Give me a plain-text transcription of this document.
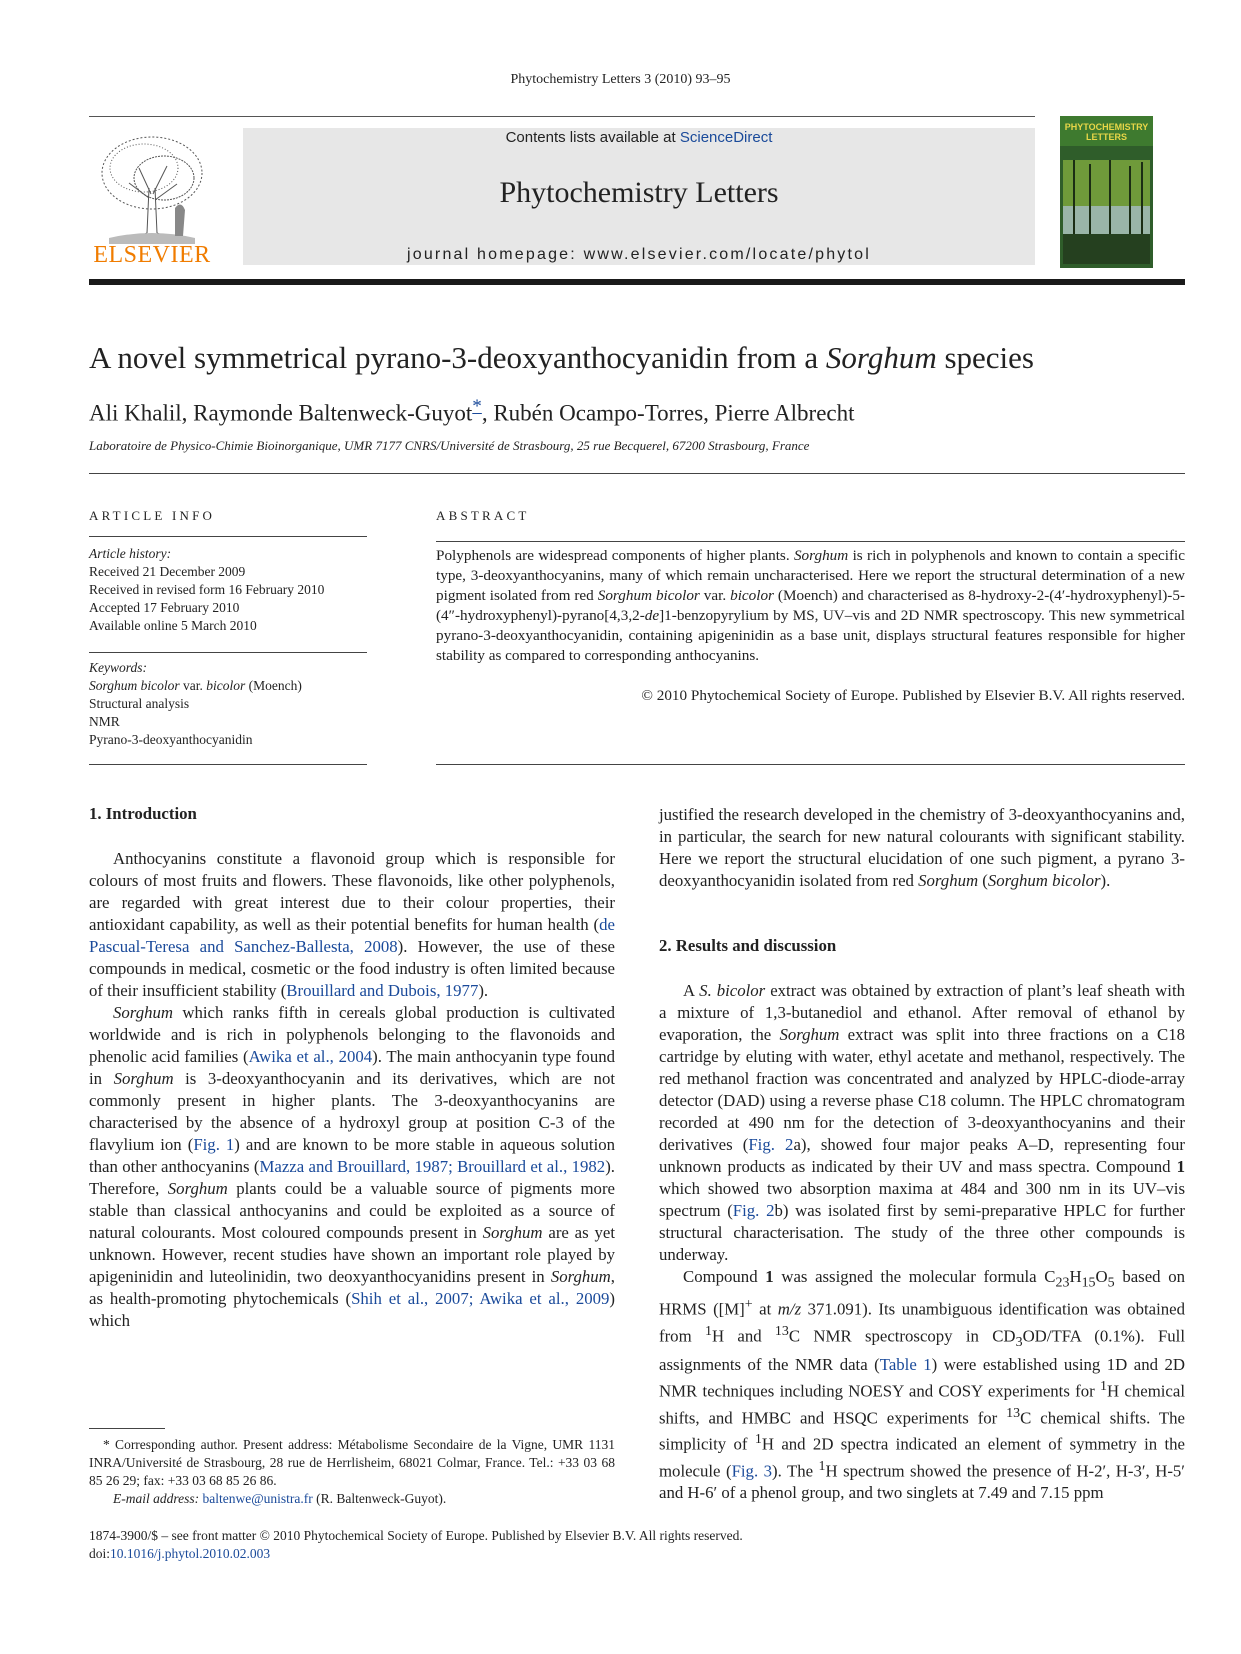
Phytochemistry Letters 3 (2010) 93–95
ELSEVIER
Contents lists available at ScienceDirect
Phytochemistry Letters
journal homepage: www.elsevier.com/locate/phytol
PHYTOCHEMISTRY LETTERS
A novel symmetrical pyrano-3-deoxyanthocyanidin from a Sorghum species
Ali Khalil, Raymonde Baltenweck-Guyot*, Rubén Ocampo-Torres, Pierre Albrecht
Laboratoire de Physico-Chimie Bioinorganique, UMR 7177 CNRS/Université de Strasbourg, 25 rue Becquerel, 67200 Strasbourg, France
ARTICLE INFO
Article history:
Received 21 December 2009
Received in revised form 16 February 2010
Accepted 17 February 2010
Available online 5 March 2010
Keywords:
Sorghum bicolor var. bicolor (Moench)
Structural analysis
NMR
Pyrano-3-deoxyanthocyanidin
ABSTRACT
Polyphenols are widespread components of higher plants. Sorghum is rich in polyphenols and known to contain a specific type, 3-deoxyanthocyanins, many of which remain uncharacterised. Here we report the structural determination of a new pigment isolated from red Sorghum bicolor var. bicolor (Moench) and characterised as 8-hydroxy-2-(4′-hydroxyphenyl)-5-(4″-hydroxyphenyl)-pyrano[4,3,2-de]1-benzopyrylium by MS, UV–vis and 2D NMR spectroscopy. This new symmetrical pyrano-3-deoxyanthocyanidin, containing apigeninidin as a base unit, displays structural features responsible for higher stability as compared to corresponding anthocyanins.
© 2010 Phytochemical Society of Europe. Published by Elsevier B.V. All rights reserved.
1. Introduction

Anthocyanins constitute a flavonoid group which is responsible for colours of most fruits and flowers. These flavonoids, like other polyphenols, are regarded with great interest due to their colour properties, their antioxidant capability, as well as their potential benefits for human health (de Pascual-Teresa and Sanchez-Ballesta, 2008). However, the use of these compounds in medical, cosmetic or the food industry is often limited because of their insufficient stability (Brouillard and Dubois, 1977).

Sorghum which ranks fifth in cereals global production is cultivated worldwide and is rich in polyphenols belonging to the flavonoids and phenolic acid families (Awika et al., 2004). The main anthocyanin type found in Sorghum is 3-deoxyanthocyanin and its derivatives, which are not commonly present in higher plants. The 3-deoxyanthocyanins are characterised by the absence of a hydroxyl group at position C-3 of the flavylium ion (Fig. 1) and are known to be more stable in aqueous solution than other anthocyanins (Mazza and Brouillard, 1987; Brouillard et al., 1982). Therefore, Sorghum plants could be a valuable source of pigments more stable than classical anthocyanins and could be exploited as a source of natural colourants. Most coloured compounds present in Sorghum are as yet unknown. However, recent studies have shown an important role played by apigeninidin and luteolinidin, two deoxyanthocyanidins present in Sorghum, as health-promoting phytochemicals (Shih et al., 2007; Awika et al., 2009) which

* Corresponding author. Present address: Métabolisme Secondaire de la Vigne, UMR 1131 INRA/Université de Strasbourg, 28 rue de Herrlisheim, 68021 Colmar, France. Tel.: +33 03 68 85 26 29; fax: +33 03 68 85 26 86.
E-mail address: baltenwe@unistra.fr (R. Baltenweck-Guyot).

justified the research developed in the chemistry of 3-deoxyanthocyanins and, in particular, the search for new natural colourants with significant stability. Here we report the structural elucidation of one such pigment, a pyrano 3-deoxyanthocyanidin isolated from red Sorghum (Sorghum bicolor).

2. Results and discussion

A S. bicolor extract was obtained by extraction of plant’s leaf sheath with a mixture of 1,3-butanediol and ethanol. After removal of ethanol by evaporation, the Sorghum extract was split into three fractions on a C18 cartridge by eluting with water, ethyl acetate and methanol, respectively. The red methanol fraction was concentrated and analyzed by HPLC-diode-array detector (DAD) using a reverse phase C18 column. The HPLC chromatogram recorded at 490 nm for the detection of 3-deoxyanthocyanins and their derivatives (Fig. 2a), showed four major peaks A–D, representing four unknown products as indicated by their UV and mass spectra. Compound 1 which showed two absorption maxima at 484 and 300 nm in its UV–vis spectrum (Fig. 2b) was isolated first by semi-preparative HPLC for further structural characterisation. The study of the three other compounds is underway.

Compound 1 was assigned the molecular formula $C_{23}H_{15}O_5$ based on HRMS ([M]+ at m/z 371.091). Its unambiguous identification was obtained from $^1$H and $^{13}$C NMR spectroscopy in $CD_3OD$/TFA (0.1%). Full assignments of the NMR data (Table 1) were established using 1D and 2D NMR techniques including NOESY and COSY experiments for $^1$H chemical shifts, and HMBC and HSQC experiments for $^{13}$C chemical shifts. The simplicity of $^1$H and 2D spectra indicated an element of symmetry in the molecule (Fig. 3). The $^1$H spectrum showed the presence of H-2′, H-3′, H-5′ and H-6′ of a phenol group, and two singlets at 7.49 and 7.15 ppm

1874-3900/$ – see front matter © 2010 Phytochemical Society of Europe. Published by Elsevier B.V. All rights reserved.
doi:10.1016/j.phytol.2010.02.003
